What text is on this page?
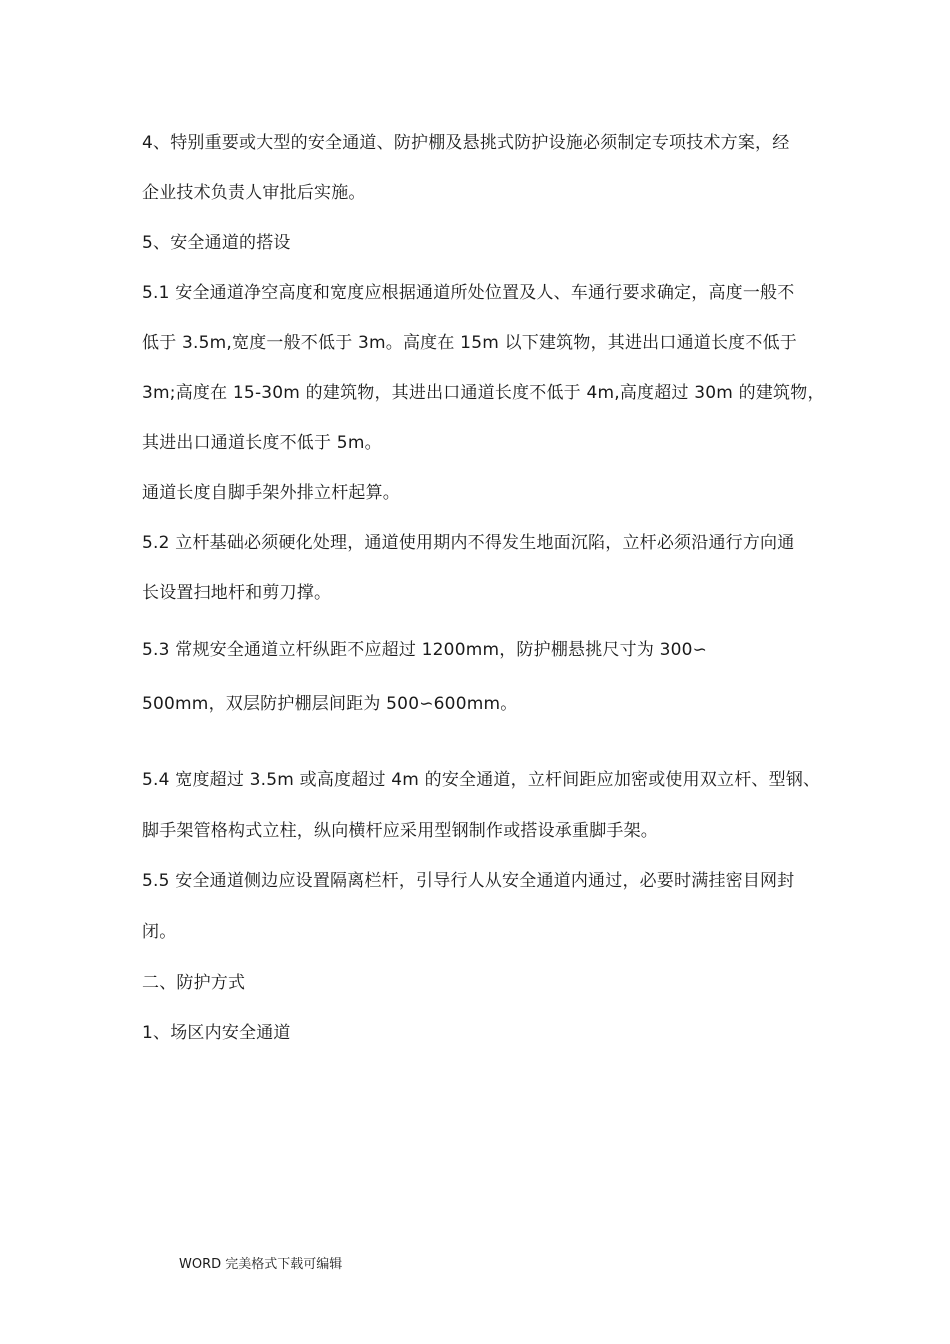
4、特别重要或大型的安全通道、防护棚及悬挑式防护设施必须制定专项技术方案，经
企业技术负责人审批后实施。
5、安全通道的搭设
5.1 安全通道净空高度和宽度应根据通道所处位置及人、车通行要求确定，高度一般不
低于 3.5m,宽度一般不低于 3m。高度在 15m 以下建筑物，其进出口通道长度不低于
3m;高度在 15-30m 的建筑物，其进出口通道长度不低于 4m,高度超过 30m 的建筑物，
其进出口通道长度不低于 5m。
通道长度自脚手架外排立杆起算。
5.2 立杆基础必须硬化处理，通道使用期内不得发生地面沉陷，立杆必须沿通行方向通
长设置扫地杆和剪刀撑。
5.3 常规安全通道立杆纵距不应超过 1200mm，防护棚悬挑尺寸为 300∽
500mm，双层防护棚层间距为 500∽600mm。
5.4 宽度超过 3.5m 或高度超过 4m 的安全通道，立杆间距应加密或使用双立杆、型钢、
脚手架管格构式立柱，纵向横杆应采用型钢制作或搭设承重脚手架。
5.5 安全通道侧边应设置隔离栏杆，引导行人从安全通道内通过，必要时满挂密目网封
闭。
二、防护方式
1、场区内安全通道
WORD 完美格式下载可编辑
